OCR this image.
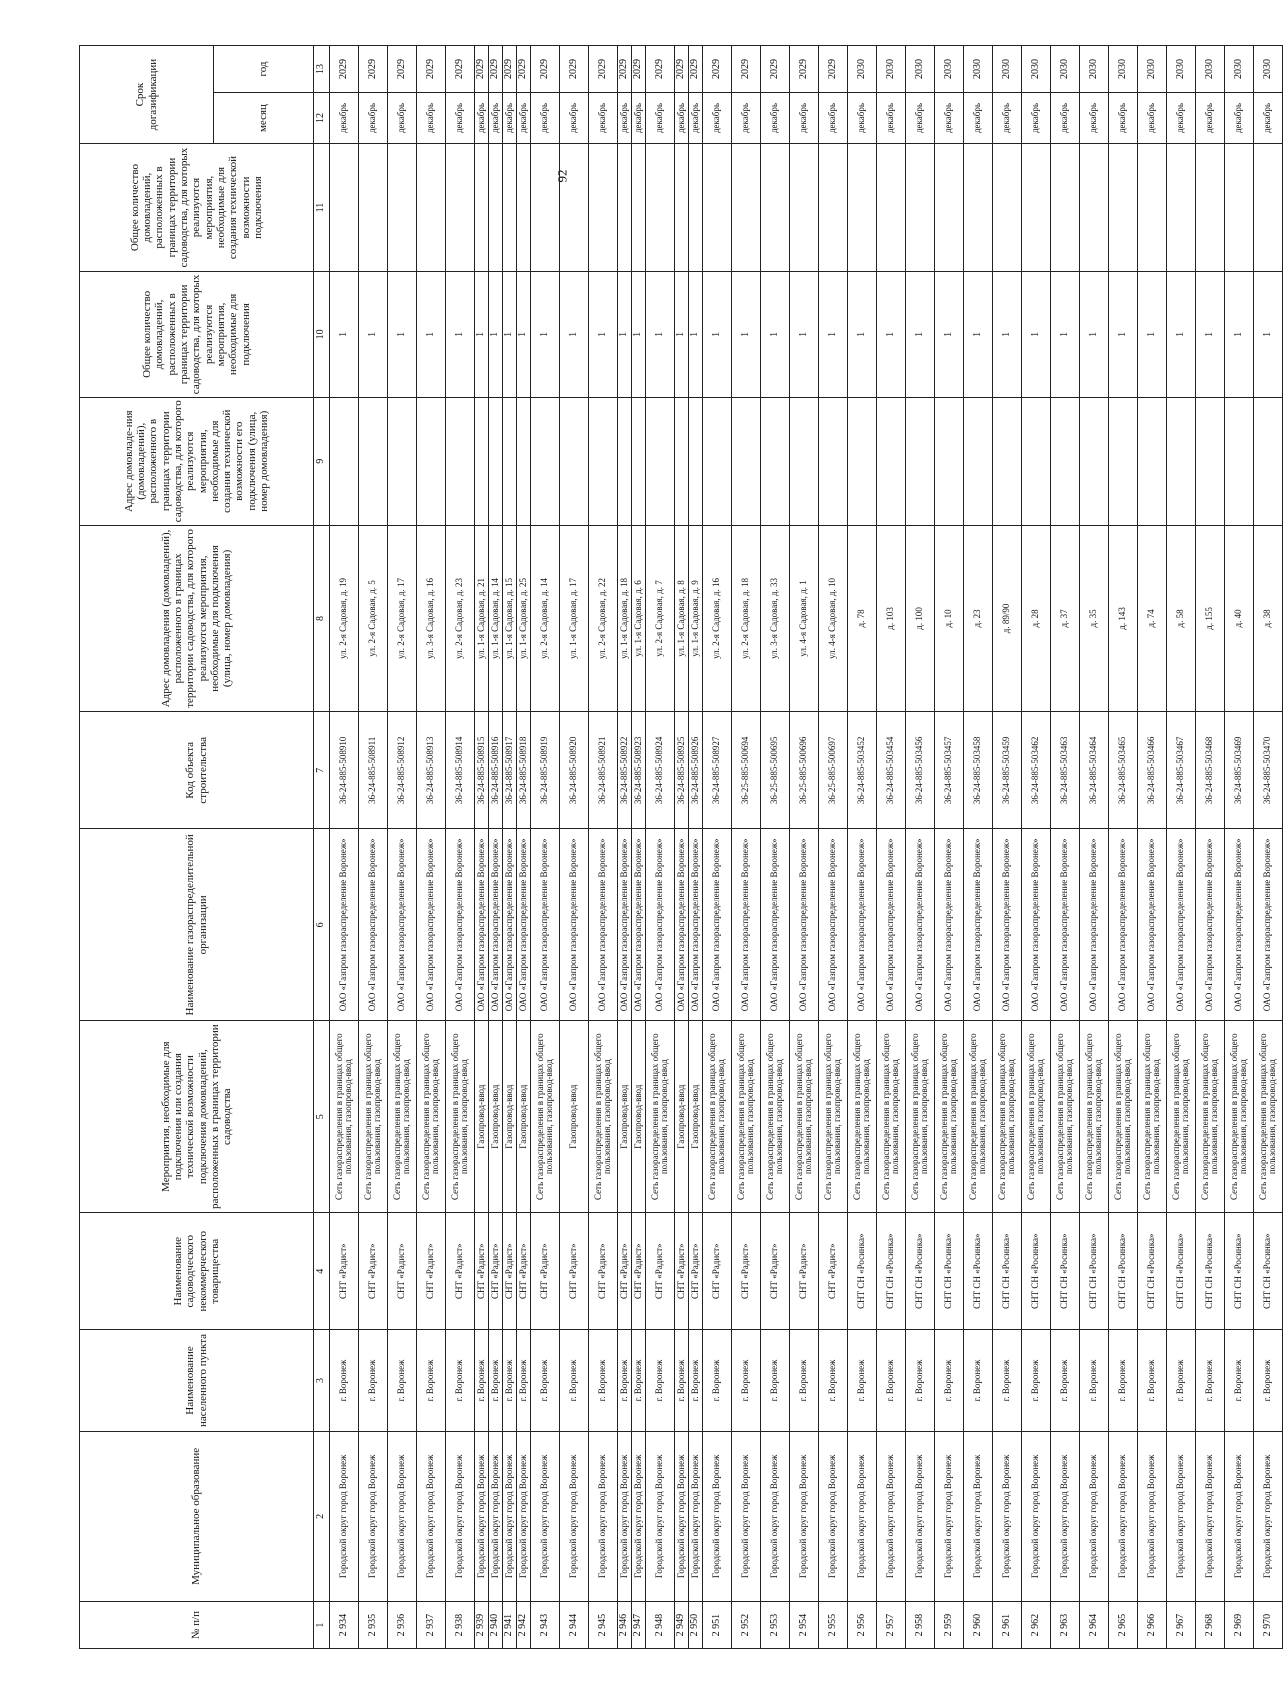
92
№ п/п	Муниципальное образование	Наименование населенного пункта	Наименование садоводческого некоммерческого товарищества	Мероприятия, необходимые для подключения или создания технической возможности подключения домовладений, расположенных в границах территории садоводства	Наименование газораспределительной организации	Код объекта строительства	Адрес домовладения (домовладений), расположенного в границах территории садоводства, для которого реализуются мероприятия, необходимые для подключения (улица, номер домовладения)	Адрес домовладе-ния (домовладений), расположенного в границах территории садоводства, для которого реализуются мероприятия, необходимые для создания технической возможности его подключения (улица, номер домовладения)	Общее количество домовладений, расположенных в границах территории садоводства, для которых реализуются мероприятия, необходимые для подключения	Общее количество домовладений, расположенных в границах территории садоводства, для которых реализуются мероприятия, необходимые для создания технической возможности подключения	Срок догазификации	
											месяц	год
1	2	3	4	5	6	7	8	9	10	11	12	13
2 934	Городской округ город Воронеж	г. Воронеж	СНТ «Радист»	Сеть газораспределения в границах общего пользования, газопровод-ввод	ОАО «Газпром газораспределение Воронеж»	36-24-885-508910	ул. 2-я Садовая, д. 19		1		декабрь	2029
2 935	Городской округ город Воронеж	г. Воронеж	СНТ «Радист»	Сеть газораспределения в границах общего пользования, газопровод-ввод	ОАО «Газпром газораспределение Воронеж»	36-24-885-508911	ул. 2-я Садовая, д. 5		1		декабрь	2029
2 936	Городской округ город Воронеж	г. Воронеж	СНТ «Радист»	Сеть газораспределения в границах общего пользования, газопровод-ввод	ОАО «Газпром газораспределение Воронеж»	36-24-885-508912	ул. 2-я Садовая, д. 17		1		декабрь	2029
2 937	Городской округ город Воронеж	г. Воронеж	СНТ «Радист»	Сеть газораспределения в границах общего пользования, газопровод-ввод	ОАО «Газпром газораспределение Воронеж»	36-24-885-508913	ул. 3-я Садовая, д. 16		1		декабрь	2029
2 938	Городской округ город Воронеж	г. Воронеж	СНТ «Радист»	Сеть газораспределения в границах общего пользования, газопровод-ввод	ОАО «Газпром газораспределение Воронеж»	36-24-885-508914	ул. 2-я Садовая, д. 23		1		декабрь	2029
2 939	Городской округ город Воронеж	г. Воронеж	СНТ «Радист»	Газопровод-ввод	ОАО «Газпром газораспределение Воронеж»	36-24-885-508915	ул. 1-я Садовая, д. 21		1		декабрь	2029
2 940	Городской округ город Воронеж	г. Воронеж	СНТ «Радист»	Газопровод-ввод	ОАО «Газпром газораспределение Воронеж»	36-24-885-508916	ул. 1-я Садовая, д. 14		1		декабрь	2029
2 941	Городской округ город Воронеж	г. Воронеж	СНТ «Радист»	Газопровод-ввод	ОАО «Газпром газораспределение Воронеж»	36-24-885-508917	ул. 1-я Садовая, д. 15		1		декабрь	2029
2 942	Городской округ город Воронеж	г. Воронеж	СНТ «Радист»	Газопровод-ввод	ОАО «Газпром газораспределение Воронеж»	36-24-885-508918	ул. 1-я Садовая, д. 25		1		декабрь	2029
2 943	Городской округ город Воронеж	г. Воронеж	СНТ «Радист»	Сеть газораспределения в границах общего пользования, газопровод-ввод	ОАО «Газпром газораспределение Воронеж»	36-24-885-508919	ул. 2-я Садовая, д. 14		1		декабрь	2029
2 944	Городской округ город Воронеж	г. Воронеж	СНТ «Радист»	Газопровод-ввод	ОАО «Газпром газораспределение Воронеж»	36-24-885-508920	ул. 1-я Садовая, д. 17		1		декабрь	2029
2 945	Городской округ город Воронеж	г. Воронеж	СНТ «Радист»	Сеть газораспределения в границах общего пользования, газопровод-ввод	ОАО «Газпром газораспределение Воронеж»	36-24-885-508921	ул. 2-я Садовая, д. 22		1		декабрь	2029
2 946	Городской округ город Воронеж	г. Воронеж	СНТ «Радист»	Газопровод-ввод	ОАО «Газпром газораспределение Воронеж»	36-24-885-508922	ул. 1-я Садовая, д. 18		1		декабрь	2029
2 947	Городской округ город Воронеж	г. Воронеж	СНТ «Радист»	Газопровод-ввод	ОАО «Газпром газораспределение Воронеж»	36-24-885-508923	ул. 1-я Садовая, д. 6		1		декабрь	2029
2 948	Городской округ город Воронеж	г. Воронеж	СНТ «Радист»	Сеть газораспределения в границах общего пользования, газопровод-ввод	ОАО «Газпром газораспределение Воронеж»	36-24-885-508924	ул. 2-я Садовая, д. 7		1		декабрь	2029
2 949	Городской округ город Воронеж	г. Воронеж	СНТ «Радист»	Газопровод-ввод	ОАО «Газпром газораспределение Воронеж»	36-24-885-508925	ул. 1-я Садовая, д. 8		1		декабрь	2029
2 950	Городской округ город Воронеж	г. Воронеж	СНТ «Радист»	Газопровод-ввод	ОАО «Газпром газораспределение Воронеж»	36-24-885-508926	ул. 1-я Садовая, д. 9		1		декабрь	2029
2 951	Городской округ город Воронеж	г. Воронеж	СНТ «Радист»	Сеть газораспределения в границах общего пользования, газопровод-ввод	ОАО «Газпром газораспределение Воронеж»	36-24-885-508927	ул. 2-я Садовая, д. 16		1		декабрь	2029
2 952	Городской округ город Воронеж	г. Воронеж	СНТ «Радист»	Сеть газораспределения в границах общего пользования, газопровод-ввод	ОАО «Газпром газораспределение Воронеж»	36-25-885-500694	ул. 2-я Садовая, д. 18		1		декабрь	2029
2 953	Городской округ город Воронеж	г. Воронеж	СНТ «Радист»	Сеть газораспределения в границах общего пользования, газопровод-ввод	ОАО «Газпром газораспределение Воронеж»	36-25-885-500695	ул. 3-я Садовая, д. 33		1		декабрь	2029
2 954	Городской округ город Воронеж	г. Воронеж	СНТ «Радист»	Сеть газораспределения в границах общего пользования, газопровод-ввод	ОАО «Газпром газораспределение Воронеж»	36-25-885-500696	ул. 4-я Садовая, д. 1		1		декабрь	2029
2 955	Городской округ город Воронеж	г. Воронеж	СНТ «Радист»	Сеть газораспределения в границах общего пользования, газопровод-ввод	ОАО «Газпром газораспределение Воронеж»	36-25-885-500697	ул. 4-я Садовая, д. 10		1		декабрь	2029
2 956	Городской округ город Воронеж	г. Воронеж	СНТ СН «Росинка»	Сеть газораспределения в границах общего пользования, газопровод-ввод	ОАО «Газпром газораспределение Воронеж»	36-24-885-503452	д. 78		1		декабрь	2030
2 957	Городской округ город Воронеж	г. Воронеж	СНТ СН «Росинка»	Сеть газораспределения в границах общего пользования, газопровод-ввод	ОАО «Газпром газораспределение Воронеж»	36-24-885-503454	д. 103		1		декабрь	2030
2 958	Городской округ город Воронеж	г. Воронеж	СНТ СН «Росинка»	Сеть газораспределения в границах общего пользования, газопровод-ввод	ОАО «Газпром газораспределение Воронеж»	36-24-885-503456	д. 100		1		декабрь	2030
2 959	Городской округ город Воронеж	г. Воронеж	СНТ СН «Росинка»	Сеть газораспределения в границах общего пользования, газопровод-ввод	ОАО «Газпром газораспределение Воронеж»	36-24-885-503457	д. 10		1		декабрь	2030
2 960	Городской округ город Воронеж	г. Воронеж	СНТ СН «Росинка»	Сеть газораспределения в границах общего пользования, газопровод-ввод	ОАО «Газпром газораспределение Воронеж»	36-24-885-503458	д. 23		1		декабрь	2030
2 961	Городской округ город Воронеж	г. Воронеж	СНТ СН «Росинка»	Сеть газораспределения в границах общего пользования, газопровод-ввод	ОАО «Газпром газораспределение Воронеж»	36-24-885-503459	д. 89/90		1		декабрь	2030
2 962	Городской округ город Воронеж	г. Воронеж	СНТ СН «Росинка»	Сеть газораспределения в границах общего пользования, газопровод-ввод	ОАО «Газпром газораспределение Воронеж»	36-24-885-503462	д. 28		1		декабрь	2030
2 963	Городской округ город Воронеж	г. Воронеж	СНТ СН «Росинка»	Сеть газораспределения в границах общего пользования, газопровод-ввод	ОАО «Газпром газораспределение Воронеж»	36-24-885-503463	д. 37		1		декабрь	2030
2 964	Городской округ город Воронеж	г. Воронеж	СНТ СН «Росинка»	Сеть газораспределения в границах общего пользования, газопровод-ввод	ОАО «Газпром газораспределение Воронеж»	36-24-885-503464	д. 35		1		декабрь	2030
2 965	Городской округ город Воронеж	г. Воронеж	СНТ СН «Росинка»	Сеть газораспределения в границах общего пользования, газопровод-ввод	ОАО «Газпром газораспределение Воронеж»	36-24-885-503465	д. 143		1		декабрь	2030
2 966	Городской округ город Воронеж	г. Воронеж	СНТ СН «Росинка»	Сеть газораспределения в границах общего пользования, газопровод-ввод	ОАО «Газпром газораспределение Воронеж»	36-24-885-503466	д. 74		1		декабрь	2030
2 967	Городской округ город Воронеж	г. Воронеж	СНТ СН «Росинка»	Сеть газораспределения в границах общего пользования, газопровод-ввод	ОАО «Газпром газораспределение Воронеж»	36-24-885-503467	д. 58		1		декабрь	2030
2 968	Городской округ город Воронеж	г. Воронеж	СНТ СН «Росинка»	Сеть газораспределения в границах общего пользования, газопровод-ввод	ОАО «Газпром газораспределение Воронеж»	36-24-885-503468	д. 155		1		декабрь	2030
2 969	Городской округ город Воронеж	г. Воронеж	СНТ СН «Росинка»	Сеть газораспределения в границах общего пользования, газопровод-ввод	ОАО «Газпром газораспределение Воронеж»	36-24-885-503469	д. 40		1		декабрь	2030
2 970	Городской округ город Воронеж	г. Воронеж	СНТ СН «Росинка»	Сеть газораспределения в границах общего пользования, газопровод-ввод	ОАО «Газпром газораспределение Воронеж»	36-24-885-503470	д. 38		1		декабрь	2030
